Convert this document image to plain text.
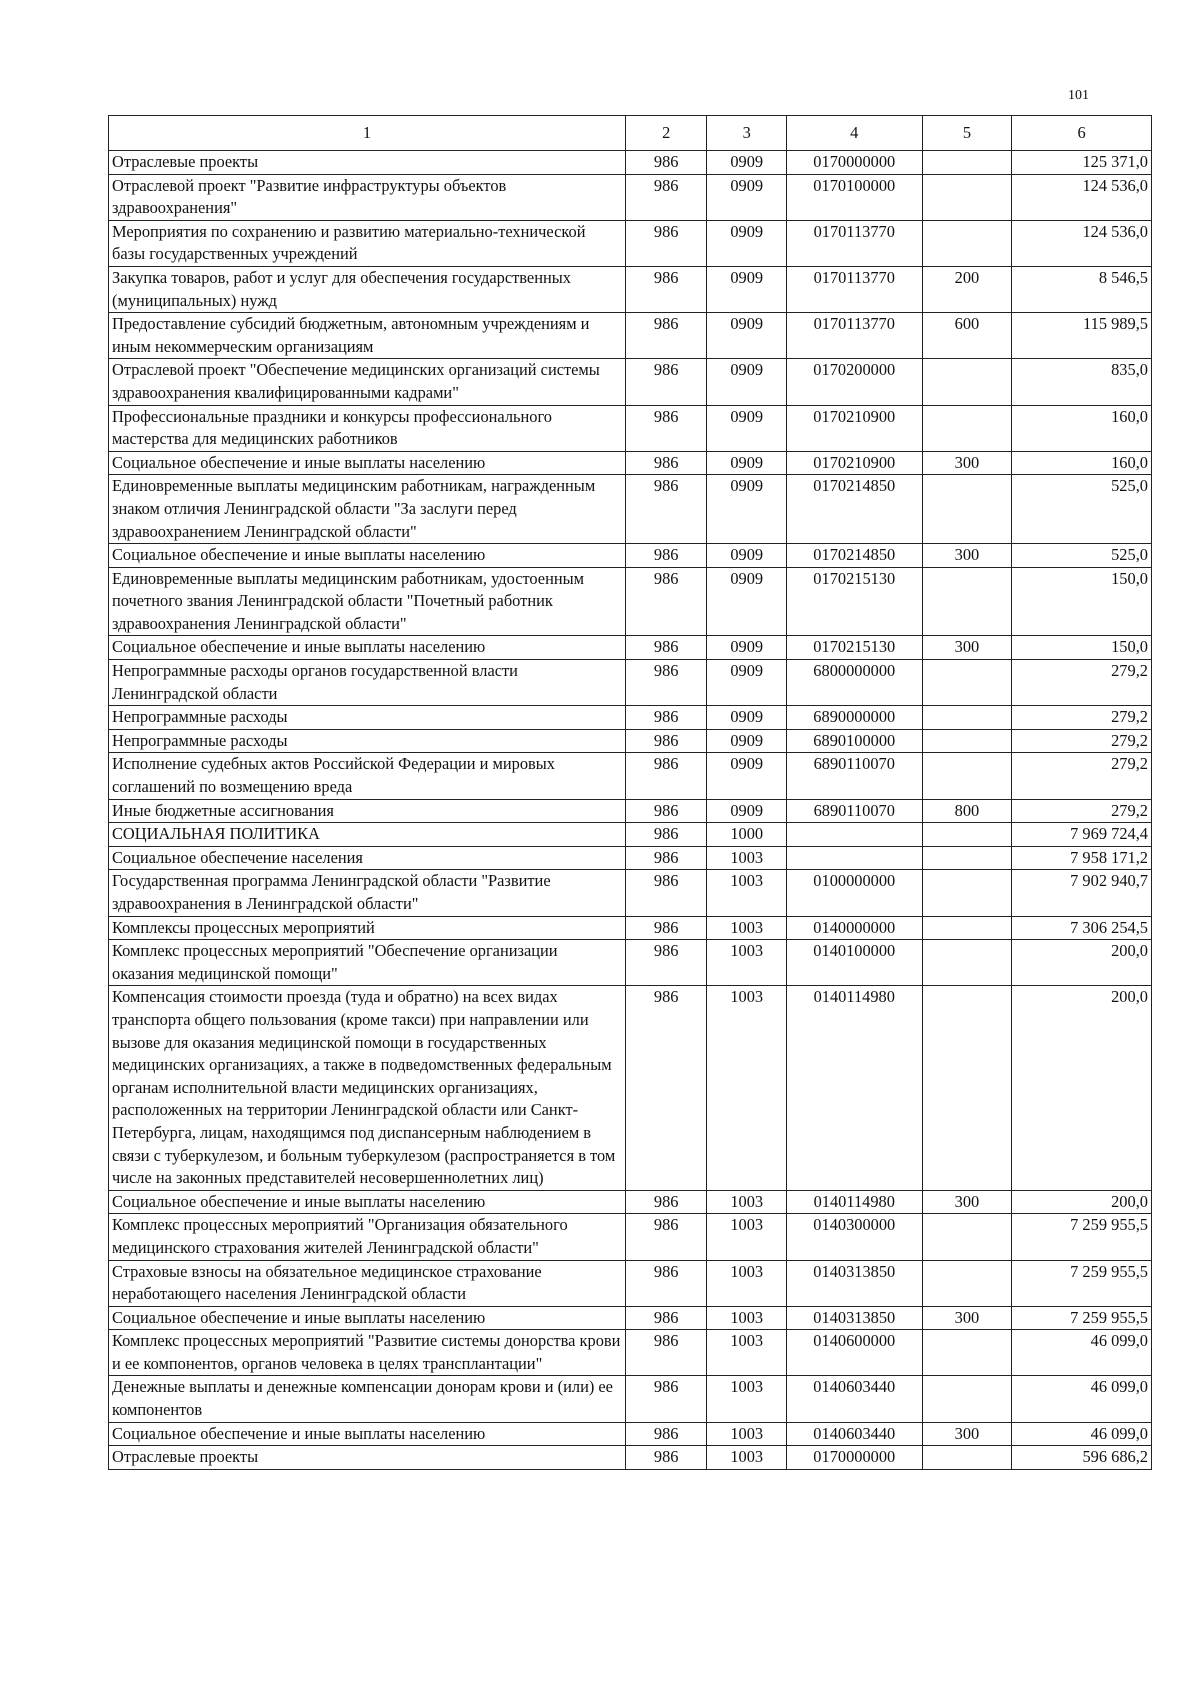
101
1	2	3	4	5	6
Отраслевые проекты	986	0909	0170000000		125 371,0
Отраслевой проект "Развитие инфраструктуры объектов здравоохранения"	986	0909	0170100000		124 536,0
Мероприятия по сохранению и развитию материально-технической базы государственных учреждений	986	0909	0170113770		124 536,0
Закупка товаров, работ и услуг для обеспечения государственных (муниципальных) нужд	986	0909	0170113770	200	8 546,5
Предоставление субсидий бюджетным, автономным учреждениям и иным некоммерческим организациям	986	0909	0170113770	600	115 989,5
Отраслевой проект "Обеспечение медицинских организаций системы здравоохранения квалифицированными кадрами"	986	0909	0170200000		835,0
Профессиональные праздники и конкурсы профессионального мастерства для медицинских работников	986	0909	0170210900		160,0
Социальное обеспечение и иные выплаты населению	986	0909	0170210900	300	160,0
Единовременные выплаты медицинским работникам, награжденным знаком отличия Ленинградской области "За заслуги перед здравоохранением Ленинградской области"	986	0909	0170214850		525,0
Социальное обеспечение и иные выплаты населению	986	0909	0170214850	300	525,0
Единовременные выплаты медицинским работникам, удостоенным почетного звания Ленинградской области "Почетный работник здравоохранения Ленинградской области"	986	0909	0170215130		150,0
Социальное обеспечение и иные выплаты населению	986	0909	0170215130	300	150,0
Непрограммные расходы органов государственной власти Ленинградской области	986	0909	6800000000		279,2
Непрограммные расходы	986	0909	6890000000		279,2
Непрограммные расходы	986	0909	6890100000		279,2
Исполнение судебных актов Российской Федерации и мировых соглашений по возмещению вреда	986	0909	6890110070		279,2
Иные бюджетные ассигнования	986	0909	6890110070	800	279,2
СОЦИАЛЬНАЯ ПОЛИТИКА	986	1000			7 969 724,4
Социальное обеспечение населения	986	1003			7 958 171,2
Государственная программа Ленинградской области "Развитие здравоохранения в Ленинградской области"	986	1003	0100000000		7 902 940,7
Комплексы процессных мероприятий	986	1003	0140000000		7 306 254,5
Комплекс процессных мероприятий "Обеспечение организации оказания медицинской помощи"	986	1003	0140100000		200,0
Компенсация стоимости проезда (туда и обратно) на всех видах транспорта общего пользования (кроме такси) при направлении или вызове для оказания медицинской помощи в государственных медицинских организациях, а также в подведомственных федеральным органам исполнительной власти медицинских организациях, расположенных на территории Ленинградской области или Санкт-Петербурга, лицам, находящимся под диспансерным наблюдением в связи с туберкулезом, и больным туберкулезом (распространяется в том числе на законных представителей несовершеннолетних лиц)	986	1003	0140114980		200,0
Социальное обеспечение и иные выплаты населению	986	1003	0140114980	300	200,0
Комплекс процессных мероприятий "Организация обязательного медицинского страхования жителей Ленинградской области"	986	1003	0140300000		7 259 955,5
Страховые взносы на обязательное медицинское страхование неработающего населения Ленинградской области	986	1003	0140313850		7 259 955,5
Социальное обеспечение и иные выплаты населению	986	1003	0140313850	300	7 259 955,5
Комплекс процессных мероприятий "Развитие системы донорства крови и ее компонентов, органов человека в целях трансплантации"	986	1003	0140600000		46 099,0
Денежные выплаты и денежные компенсации донорам крови и (или) ее компонентов	986	1003	0140603440		46 099,0
Социальное обеспечение и иные выплаты населению	986	1003	0140603440	300	46 099,0
Отраслевые проекты	986	1003	0170000000		596 686,2
